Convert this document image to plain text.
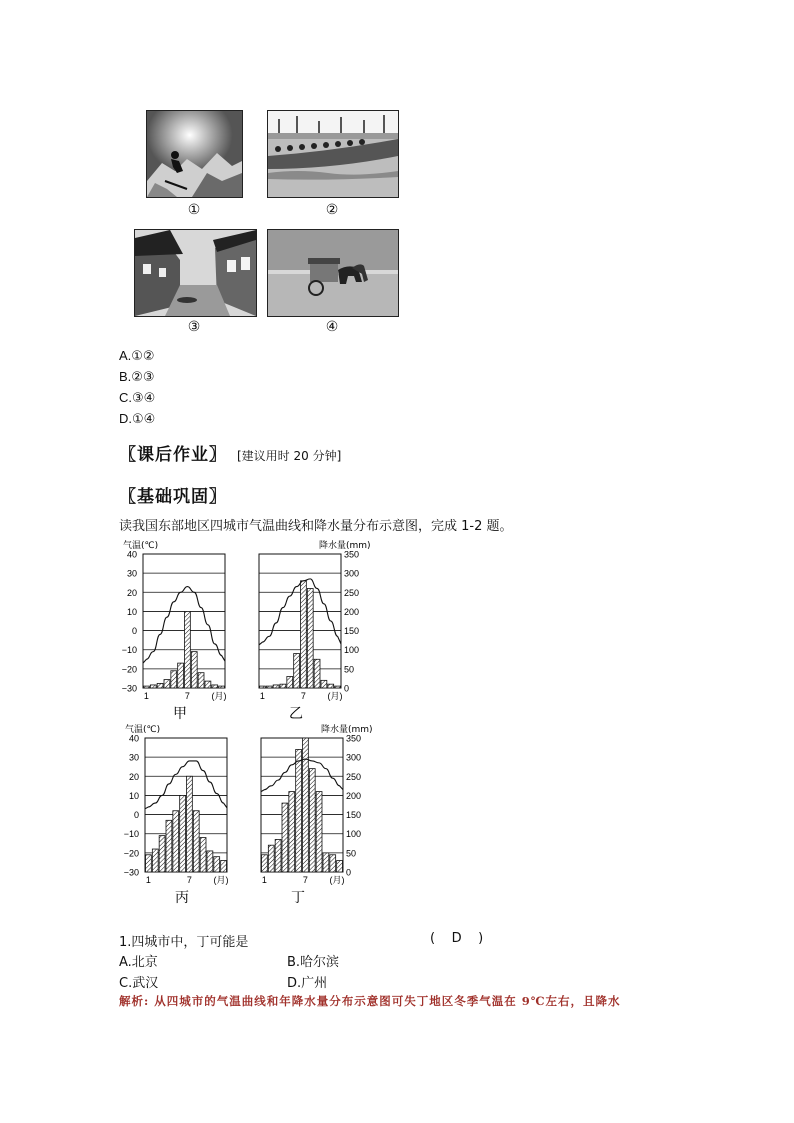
①	②
③	④
A.①②
B.②③
C.③④
D.①④
〖课后作业〗 [建议用时 20 分钟]
〖基础巩固〗
读我国东部地区四城市气温曲线和降水量分布示意图，完成 1-2 题。
40
30
20
10
0
−10
−20
−30
气温(℃)
1	7 (月)
甲
350
300
250
200
150
100
50
0
降水量(mm)
1	7 (月)
乙
40
30
20
10
0
−10
−20
−30
气温(℃)
1	7 (月)
丙
350
300
250
200
150
100
50
0
降水量(mm)
1	7 (月)
丁
1.四城市中，丁可能是	(    D    )
A.北京	B.哈尔滨
C.武汉	D.广州
解析: 从四城市的气温曲线和年降水量分布示意图可失丁地区冬季气温在 9℃左右，且降水
